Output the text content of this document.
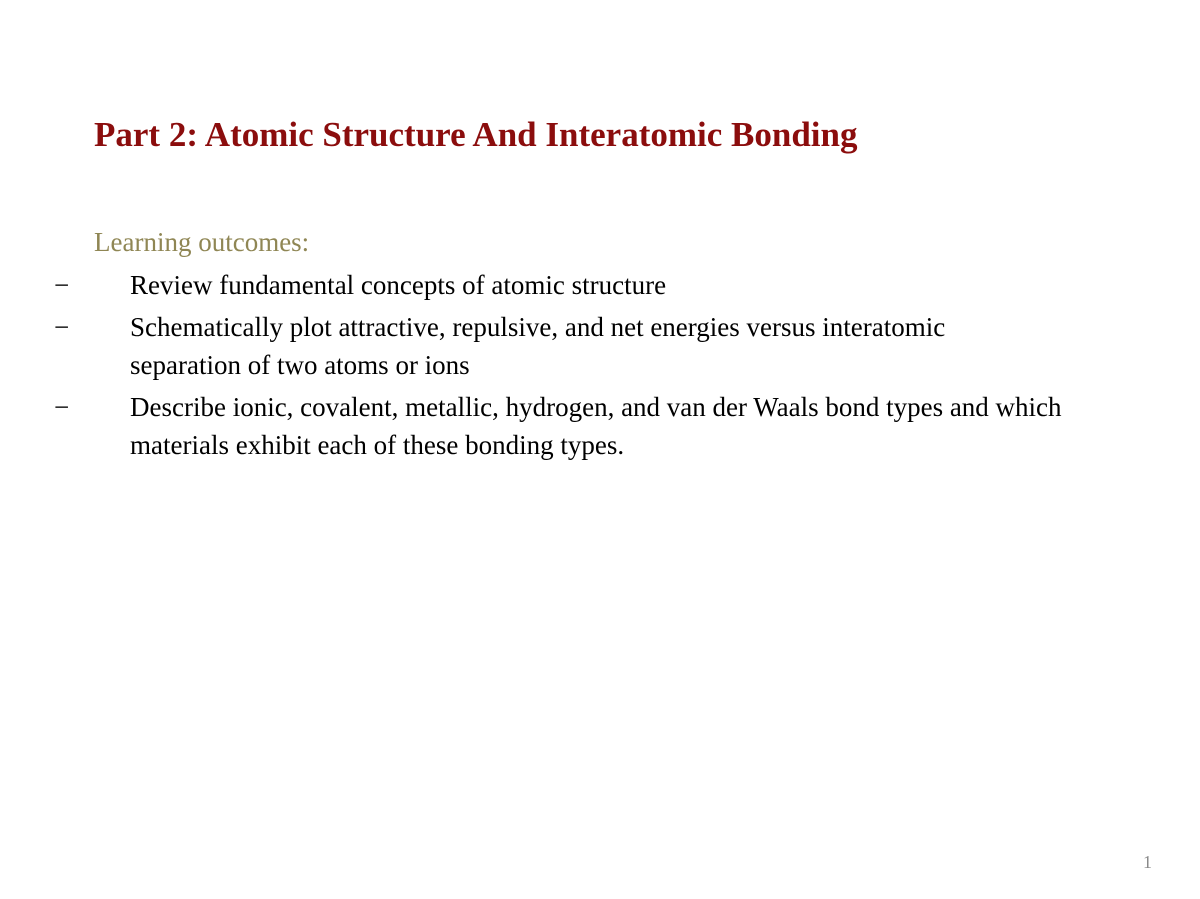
Part 2: Atomic Structure And Interatomic Bonding
Learning outcomes:
− Review fundamental concepts of atomic structure
− Schematically plot attractive, repulsive, and net energies versus interatomic separation of two atoms or ions
− Describe ionic, covalent, metallic, hydrogen, and van der Waals bond types and which materials exhibit each of these bonding types.
1
